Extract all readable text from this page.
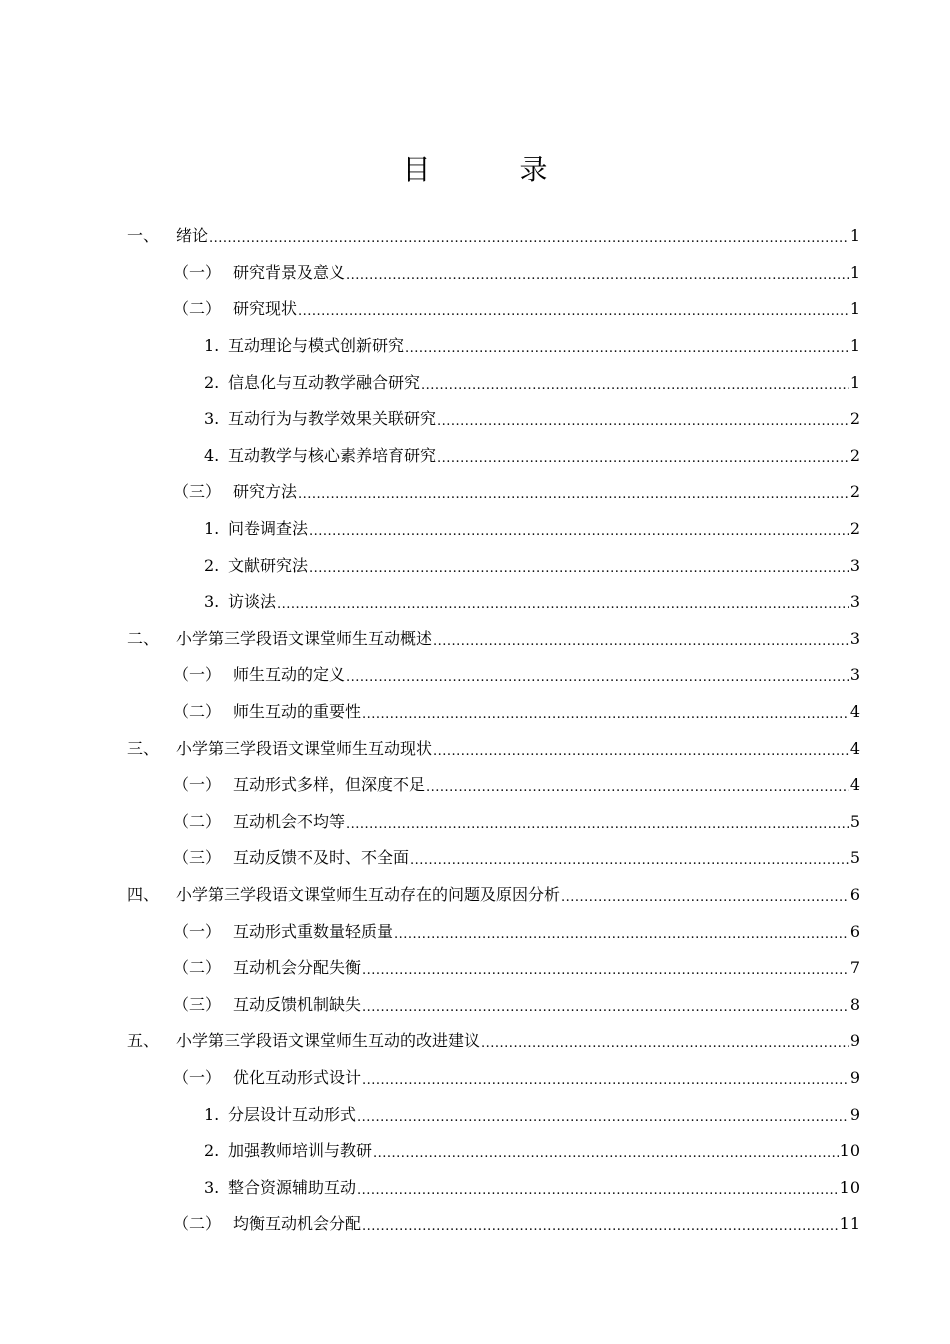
目 录
一、	绪论 .....	1
（一） 研究背景及意义 .....	1
（二） 研究现状 .....	1
1. 互动理论与模式创新研究 .....	1
2. 信息化与互动教学融合研究 .....	1
3. 互动行为与教学效果关联研究 .....	2
4. 互动教学与核心素养培育研究 .....	2
（三） 研究方法 .....	2
1. 问卷调查法 .....	2
2. 文献研究法 .....	3
3. 访谈法 .....	3
二、	小学第三学段语文课堂师生互动概述 .....	3
（一） 师生互动的定义 .....	3
（二） 师生互动的重要性 .....	4
三、	小学第三学段语文课堂师生互动现状 .....	4
（一） 互动形式多样，但深度不足 .....	4
（二） 互动机会不均等 .....	5
（三） 互动反馈不及时、不全面 .....	5
四、	小学第三学段语文课堂师生互动存在的问题及原因分析 .....	6
（一） 互动形式重数量轻质量 .....	6
（二） 互动机会分配失衡 .....	7
（三） 互动反馈机制缺失 .....	8
五、	小学第三学段语文课堂师生互动的改进建议 .....	9
（一） 优化互动形式设计 .....	9
1. 分层设计互动形式 .....	9
2. 加强教师培训与教研 .....	10
3. 整合资源辅助互动 .....	10
（二） 均衡互动机会分配 .....	11
